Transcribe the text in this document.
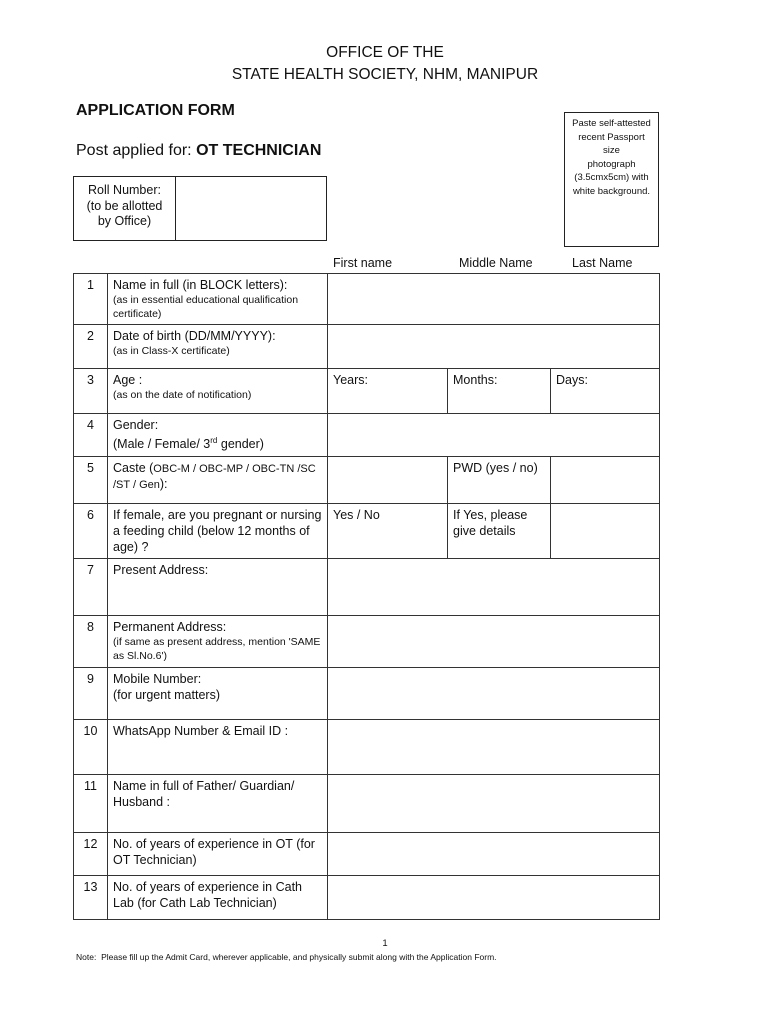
OFFICE OF THE
STATE HEALTH SOCIETY, NHM, MANIPUR
APPLICATION FORM
Post applied for: OT TECHNICIAN
Paste self-attested
recent Passport size
photograph
(3.5cmx5cm) with
white background.
Roll Number:
(to be allotted
by Office)
First name	Middle Name	Last Name
1	Name in full (in BLOCK letters):
(as in essential educational qualification certificate)			

2	Date of birth (DD/MM/YYYY):
(as in Class-X certificate)			

3	Age :
(as on the date of notification)	Years:	Months:	Days:
4	Gender:
(Male / Female/ 3rd gender)			

5	Caste (OBC-M / OBC-MP / OBC-TN /SC /ST / Gen):		PWD (yes / no)	
6	If female, are you pregnant or nursing a feeding child (below 12 months of age) ?	Yes / No	If Yes, please give details	
7	Present Address:			
8	Permanent Address:
(if same as present address, mention 'SAME as Sl.No.6')			

9	Mobile Number:
(for urgent matters)			

10	WhatsApp Number & Email ID :			
11	Name in full of Father/ Guardian/ Husband :			
12	No. of years of experience in OT (for OT Technician)			
13	No. of years of experience in Cath Lab (for Cath Lab Technician)			
1
Note: Please fill up the Admit Card, wherever applicable, and physically submit along with the Application Form.
